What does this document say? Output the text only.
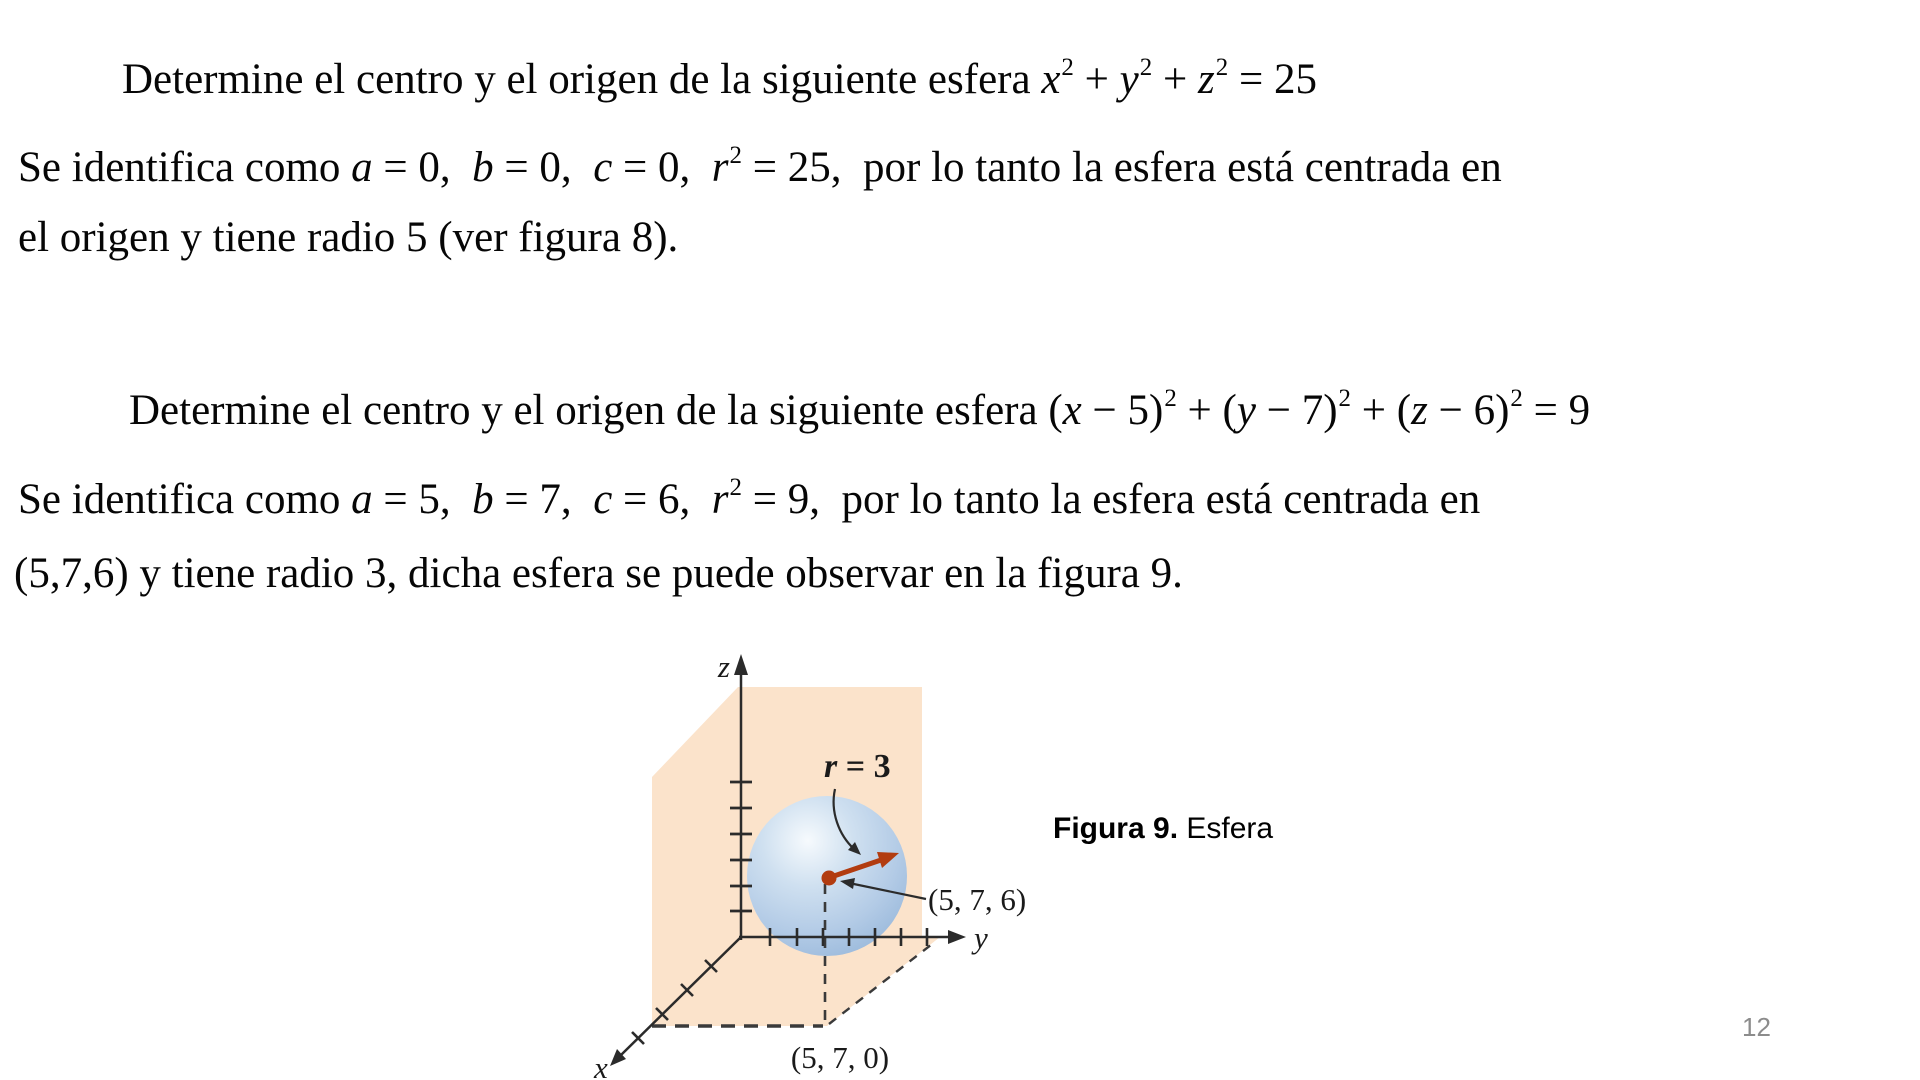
Determine el centro y el origen de la siguiente esfera $x^2 + y^2 + z^2 = 25$
Se identifica como a = 0,  b = 0,  c = 0,  $r^2 = 25$,  por lo tanto la esfera está centrada en
el origen y tiene radio 5 (ver figura 8).
Determine el centro y el origen de la siguiente esfera $(x - 5)^2 + (y - 7)^2 + (z - 6)^2 = 9$
Se identifica como a = 5,  b = 7,  c = 6,  $r^2 = 9$,  por lo tanto la esfera está centrada en
(5,7,6) y tiene radio 3, dicha esfera se puede observar en la figura 9.
z
y
x
r = 3
(5, 7, 6)
(5, 7, 0)
Figura 9. Esfera
12
